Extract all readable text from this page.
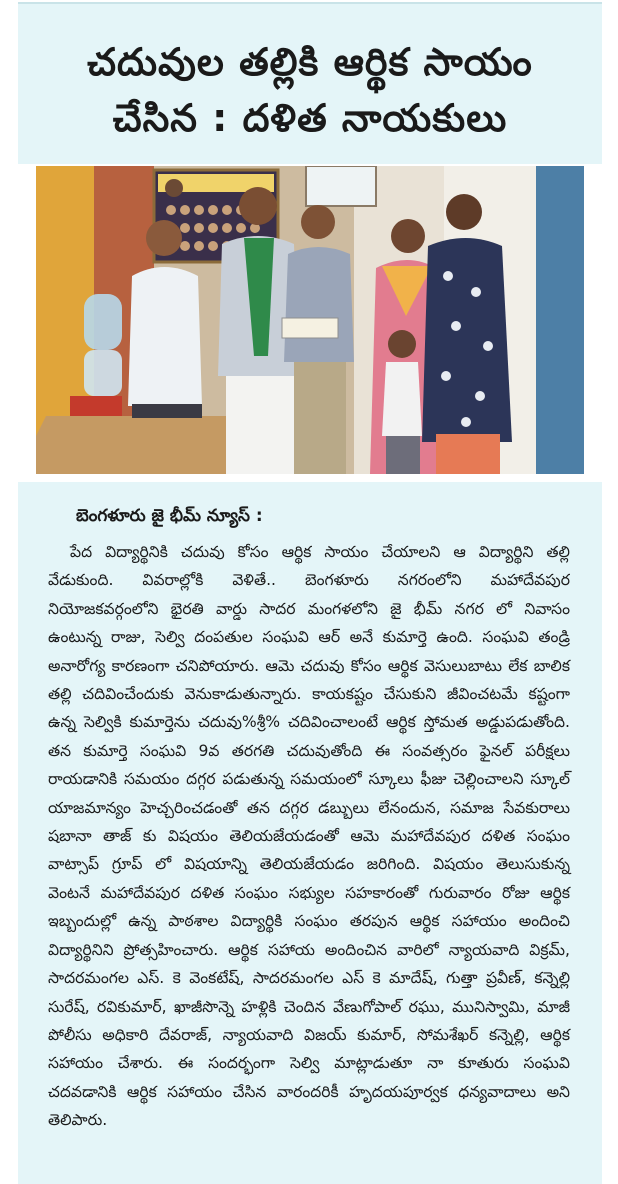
చదువుల తల్లికి ఆర్థిక సాయం
చేసిన : దళిత నాయకులు
బెంగళూరు జై భీమ్ న్యూస్ :
పేద విద్యార్థినికి చదువు కోసం ఆర్థిక సాయం చేయాలని ఆ విద్యార్థిని తల్లి వేడుకుంది. వివరాల్లోకి వెళితే.. బెంగళూరు నగరంలోని మహాదేవపుర నియోజకవర్గంలోని భైరతి వార్డు సాదర మంగళలోని జై భీమ్ నగర లో నివాసం ఉంటున్న రాజు, సెల్వి దంపతుల సంఘవి ఆర్ అనే కుమార్తె ఉంది. సంఘవి తండ్రి అనారోగ్య కారణంగా చనిపోయారు. ఆమె చదువు కోసం ఆర్థిక వెసులుబాటు లేక బాలిక తల్లి చదివించేందుకు వెనుకాడుతున్నారు. కాయకష్టం చేసుకుని జీవించటమే కష్టంగా ఉన్న సెల్వికి కుమార్తెను చదువు%శ్రీ% చదివించాలంటే ఆర్థిక స్తోమత అడ్డుపడుతోంది. తన కుమార్తె సంఘవి 9వ తరగతి చదువుతోంది ఈ సంవత్సరం ఫైనల్ పరీక్షలు రాయడానికి సమయం దగ్గర పడుతున్న సమయంలో స్కూలు ఫీజు చెల్లించాలని స్కూల్ యాజమాన్యం హెచ్చరించడంతో తన దగ్గర డబ్బులు లేనందున, సమాజ సేవకురాలు షబానా తాజ్ కు విషయం తెలియజేయడంతో ఆమె మహాదేవపుర దళిత సంఘం వాట్సాప్ గ్రూప్ లో విషయాన్ని తెలియజేయడం జరిగింది. విషయం తెలుసుకున్న వెంటనే మహాదేవపుర దళిత సంఘం సభ్యుల సహకారంతో గురువారం రోజు ఆర్థిక ఇబ్బందుల్లో ఉన్న పాఠశాల విద్యార్థికి సంఘం తరపున ఆర్థిక సహాయం అందించి విద్యార్థినిని ప్రోత్సహించారు. ఆర్థిక సహాయ అందించిన వారిలో న్యాయవాది విక్రమ్, సాదరమంగల ఎస్. కె వెంకటేష్, సాదరమంగల ఎస్ కె మాదేష్, గుత్తా ప్రవీణ్, కన్నెల్లి సురేష్, రవికుమార్, ఖాజీసొన్నె హళ్లికి చెందిన వేణుగోపాల్ రఘు, మునిస్వామి, మాజీ పోలీసు అధికారి దేవరాజ్, న్యాయవాది విజయ్ కుమార్, సోమశేఖర్ కన్నెల్లి, ఆర్థిక సహాయం చేశారు. ఈ సందర్భంగా సెల్వి మాట్లాడుతూ నా కూతురు సంఘవి చదవడానికి ఆర్థిక సహాయం చేసిన వారందరికీ హృదయపూర్వక ధన్యవాదాలు అని తెలిపారు.
